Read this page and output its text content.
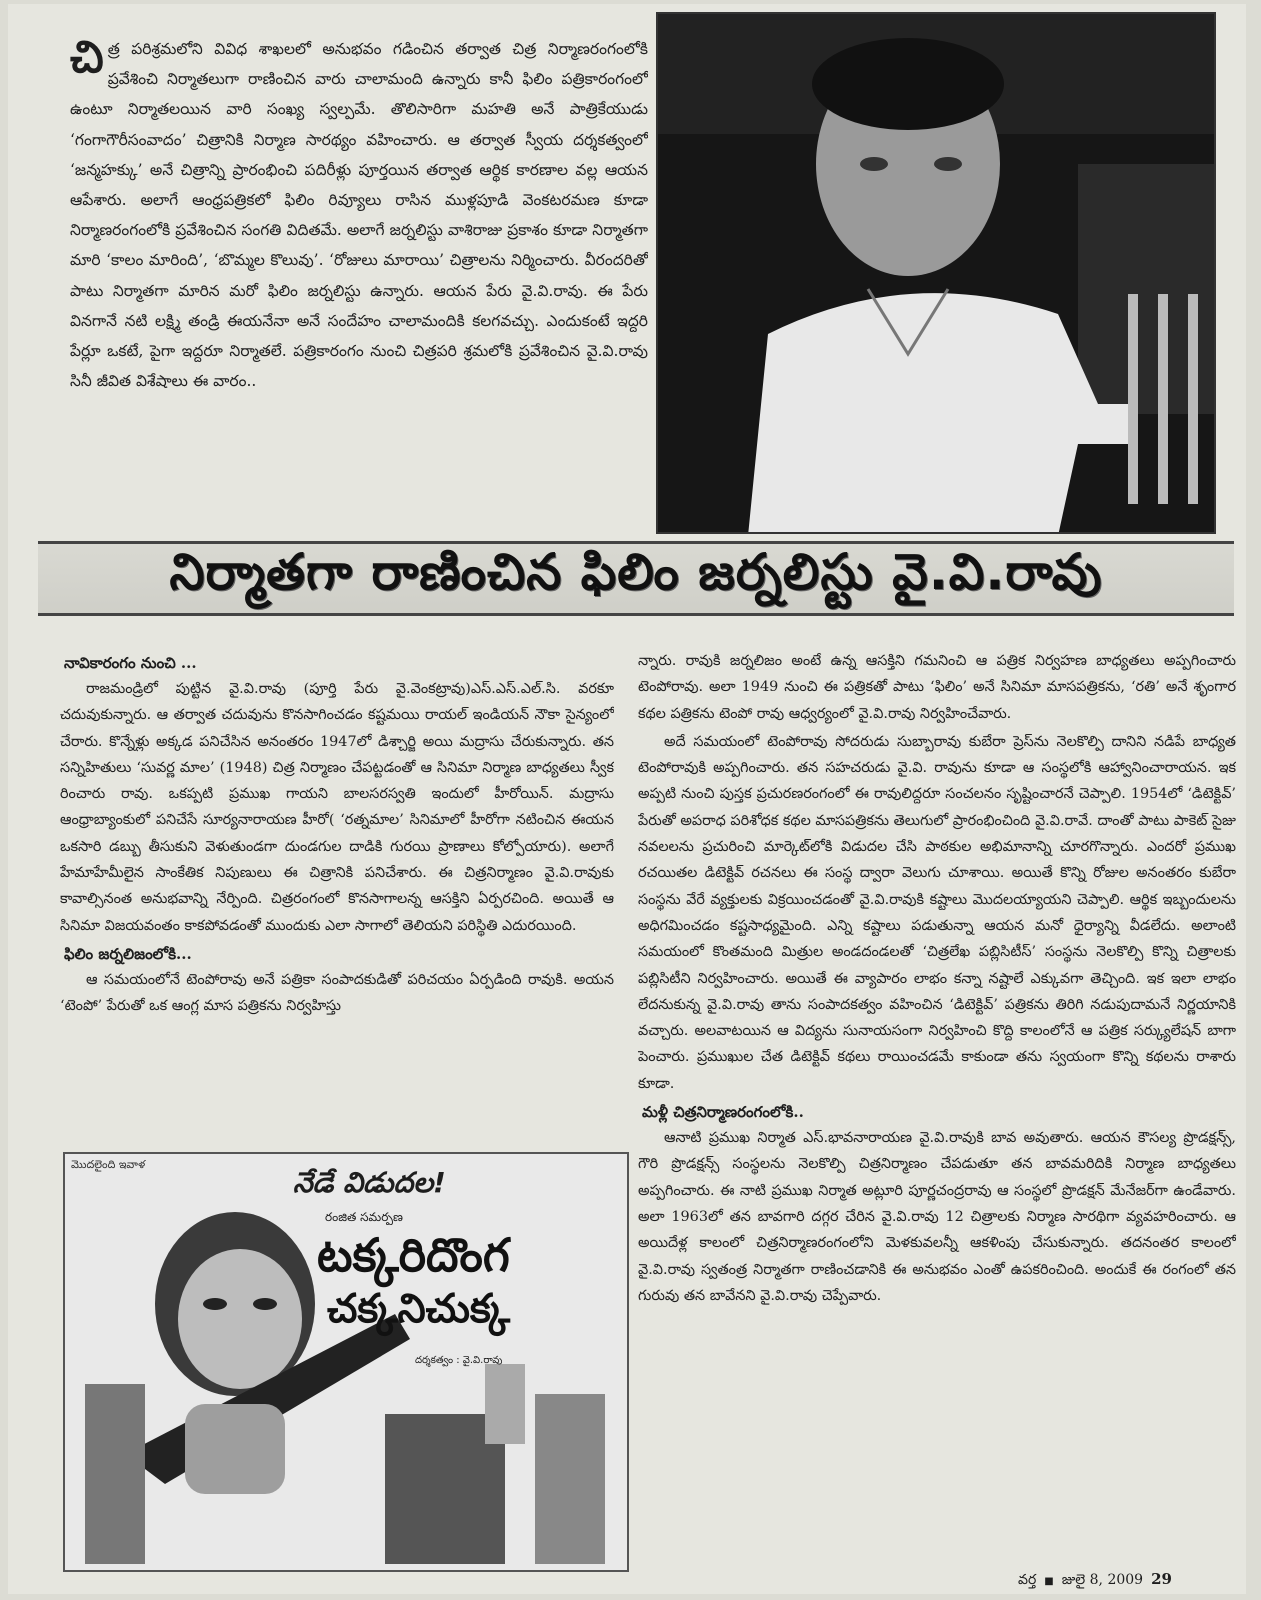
చి త్ర పరిశ్రమలోని వివిధ శాఖలలో అనుభవం గడించిన తర్వాత చిత్ర నిర్మాణరంగంలోకి ప్రవేశించి నిర్మాతలుగా రాణించిన వారు చాలామంది ఉన్నారు కానీ ఫిలిం పత్రికారంగంలో ఉంటూ నిర్మాతలయిన వారి సంఖ్య స్వల్పమే. తొలిసారిగా మహతి అనే పాత్రికేయుడు ‘గంగాగౌరీసంవాదం’ చిత్రానికి నిర్మాణ సారథ్యం వహించారు. ఆ తర్వాత స్వీయ దర్శకత్వంలో ‘జన్మహక్కు’ అనే చిత్రాన్ని ప్రారంభించి పదిరీళ్లు పూర్తయిన తర్వాత ఆర్థిక కారణాల వల్ల ఆయన ఆపేశారు. అలాగే ఆంధ్రపత్రికలో ఫిలిం రివ్యూలు రాసిన ముళ్లపూడి వెంకటరమణ కూడా నిర్మాణరంగంలోకి ప్రవేశించిన సంగతి విదితమే. అలాగే జర్నలిస్టు వాశిరాజు ప్రకాశం కూడా నిర్మాతగా మారి ‘కాలం మారింది’, ‘బొమ్మల కొలువు’. ‘రోజులు మారాయి’ చిత్రాలను నిర్మించారు. వీరందరితో పాటు నిర్మాతగా మారిన మరో ఫిలిం జర్నలిస్టు ఉన్నారు. ఆయన పేరు వై.వి.రావు. ఈ పేరు వినగానే నటి లక్ష్మి తండ్రి ఈయనేనా అనే సందేహం చాలామందికి కలగవచ్చు. ఎందుకంటే ఇద్దరి పేర్లూ ఒకటే, పైగా ఇద్దరూ నిర్మాతలే. పత్రికారంగం నుంచి చిత్రపరి శ్రమలోకి ప్రవేశించిన వై.వి.రావు సినీ జీవిత విశేషాలు ఈ వారం..
నిర్మాతగా రాణించిన ఫిలిం జర్నలిస్టు వై.వి.రావు
నావికారంగం నుంచి ...

రాజమండ్రిలో పుట్టిన వై.వి.రావు (పూర్తి పేరు వై.వెంకట్రావు)ఎస్.ఎస్.ఎల్.సి. వరకూ చదువుకున్నారు. ఆ తర్వాత చదువును కొనసాగించడం కష్టమయి రాయల్ ఇండియన్ నౌకా సైన్యంలో చేరారు. కొన్నేళ్లు అక్కడ పనిచేసిన అనంతరం 1947లో డిశ్చార్జి అయి మద్రాసు చేరుకున్నారు. తన సన్నిహితులు ‘సువర్ణ మాల’ (1948) చిత్ర నిర్మాణం చేపట్టడంతో ఆ సినిమా నిర్మాణ బాధ్యతలు స్వీక రించారు రావు. ఒకప్పటి ప్రముఖ గాయని బాలసరస్వతి ఇందులో హీరోయిన్. మద్రాసు ఆంధ్రాబ్యాంకులో పనిచేసే సూర్యనారాయణ హీరో( ‘రత్నమాల’ సినిమాలో హీరోగా నటించిన ఈయన ఒకసారి డబ్బు తీసుకుని వెళుతుండగా దుండగుల దాడికి గురయి ప్రాణాలు కోల్పోయారు). అలాగే హేమాహేమీలైన సాంకేతిక నిపుణులు ఈ చిత్రానికి పనిచేశారు. ఈ చిత్రనిర్మాణం వై.వి.రావుకు కావాల్సినంత అనుభవాన్ని నేర్పింది. చిత్రరంగంలో కొనసాగాలన్న ఆసక్తిని ఏర్పరచింది. అయితే ఆ సినిమా విజయవంతం కాకపోవడంతో ముందుకు ఎలా సాగాలో తెలియని పరిస్థితి ఎదురయింది.

ఫిలిం జర్నలిజంలోకి...

ఆ సమయంలోనే టెంపోరావు అనే పత్రికా సంపాదకుడితో పరిచయం ఏర్పడింది రావుకి. అయన ‘టెంపో’ పేరుతో ఒక ఆంగ్ల మాస పత్రికను నిర్వహిస్తు

న్నారు. రావుకి జర్నలిజం అంటే ఉన్న ఆసక్తిని గమనించి ఆ పత్రిక నిర్వహణ బాధ్యతలు అప్పగించారు టెంపోరావు. అలా 1949 నుంచి ఈ పత్రికతో పాటు ‘ఫిలిం’ అనే సినిమా మాసపత్రికను, ‘రతి’ అనే శృంగార కథల పత్రికను టెంపో రావు ఆధ్వర్యంలో వై.వి.రావు నిర్వహించేవారు.

అదే సమయంలో టెంపోరావు సోదరుడు సుబ్బారావు కుబేరా ప్రెస్‌ను నెలకొల్పి దానిని నడిపే బాధ్యత టెంపోరావుకి అప్పగించారు. తన సహచరుడు వై.వి. రావును కూడా ఆ సంస్థలోకి ఆహ్వానించారాయన. ఇక అప్పటి నుంచి పుస్తక ప్రచురణరంగంలో ఈ రావులిద్దరూ సంచలనం సృష్టించారనే చెప్పాలి. 1954లో ‘డిటెక్టివ్’ పేరుతో అపరాధ పరిశోధక కథల మాసపత్రికను తెలుగులో ప్రారంభించింది వై.వి.రావే. దాంతో పాటు పాకెట్ సైజు నవలలను ప్రచురించి మార్కెట్‌లోకి విడుదల చేసి పాఠకుల అభిమానాన్ని చూరగొన్నారు. ఎందరో ప్రముఖ రచయితల డిటెక్టివ్ రచనలు ఈ సంస్థ ద్వారా వెలుగు చూశాయి. అయితే కొన్ని రోజుల అనంతరం కుబేరా సంస్థను వేరే వ్యక్తులకు విక్రయించడంతో వై.వి.రావుకి కష్టాలు మొదలయ్యాయని చెప్పాలి. ఆర్థిక ఇబ్బందులను అధిగమించడం కష్టసాధ్యమైంది. ఎన్ని కష్టాలు పడుతున్నా ఆయన మనో ధైర్యాన్ని వీడలేదు. అలాంటి సమయంలో కొంతమంది మిత్రుల అండదండలతో ‘చిత్రలేఖ పబ్లిసిటీస్’ సంస్థను నెలకొల్పి కొన్ని చిత్రాలకు పబ్లిసిటీని నిర్వహించారు. అయితే ఈ వ్యాపారం లాభం కన్నా నష్టాలే ఎక్కువగా తెచ్చింది. ఇక ఇలా లాభం లేదనుకున్న వై.వి.రావు తాను సంపాదకత్వం వహించిన ‘డిటెక్టివ్’ పత్రికను తిరిగి నడుపుదామనే నిర్ణయానికి వచ్చారు. అలవాటయిన ఆ విద్యను సునాయసంగా నిర్వహించి కొద్ది కాలంలోనే ఆ పత్రిక సర్క్యులేషన్ బాగా పెంచారు. ప్రముఖుల చేత డిటెక్టివ్ కథలు రాయించడమే కాకుండా తను స్వయంగా కొన్ని కథలను రాశారు కూడా.

మళ్లీ చిత్రనిర్మాణరంగంలోకి..

ఆనాటి ప్రముఖ నిర్మాత ఎస్.భావనారాయణ వై.వి.రావుకి బావ అవుతారు. ఆయన కౌసల్య ప్రొడక్షన్స్, గౌరి ప్రొడక్షన్స్ సంస్థలను నెలకొల్పి చిత్రనిర్మాణం చేపడుతూ తన బావమరిదికి నిర్మాణ బాధ్యతలు అప్పగించారు. ఈ నాటి ప్రముఖ నిర్మాత అట్లూరి పూర్ణచంద్రరావు ఆ సంస్థలో ప్రొడక్షన్ మేనేజర్‌గా ఉండేవారు. అలా 1963లో తన బావగారి దగ్గర చేరిన వై.వి.రావు 12 చిత్రాలకు నిర్మాణ సారథిగా వ్యవహరించారు. ఆ అయిదేళ్ల కాలంలో చిత్రనిర్మాణరంగంలోని మెళకువలన్నీ ఆకళింపు చేసుకున్నారు. తదనంతర కాలంలో వై.వి.రావు స్వతంత్ర నిర్మాతగా రాణించడానికి ఈ అనుభవం ఎంతో ఉపకరించింది. అందుకే ఈ రంగంలో తన గురువు తన బావేనని వై.వి.రావు చెప్పేవారు.

మొదలైంది ఇవాళ
నేడే విడుదల!
రంజిత సమర్పణ
టక్కరిదొంగ
చక్కనిచుక్క
దర్శకత్వం : వై.వి.రావు
వర్త ■ జులై 8, 2009 29
